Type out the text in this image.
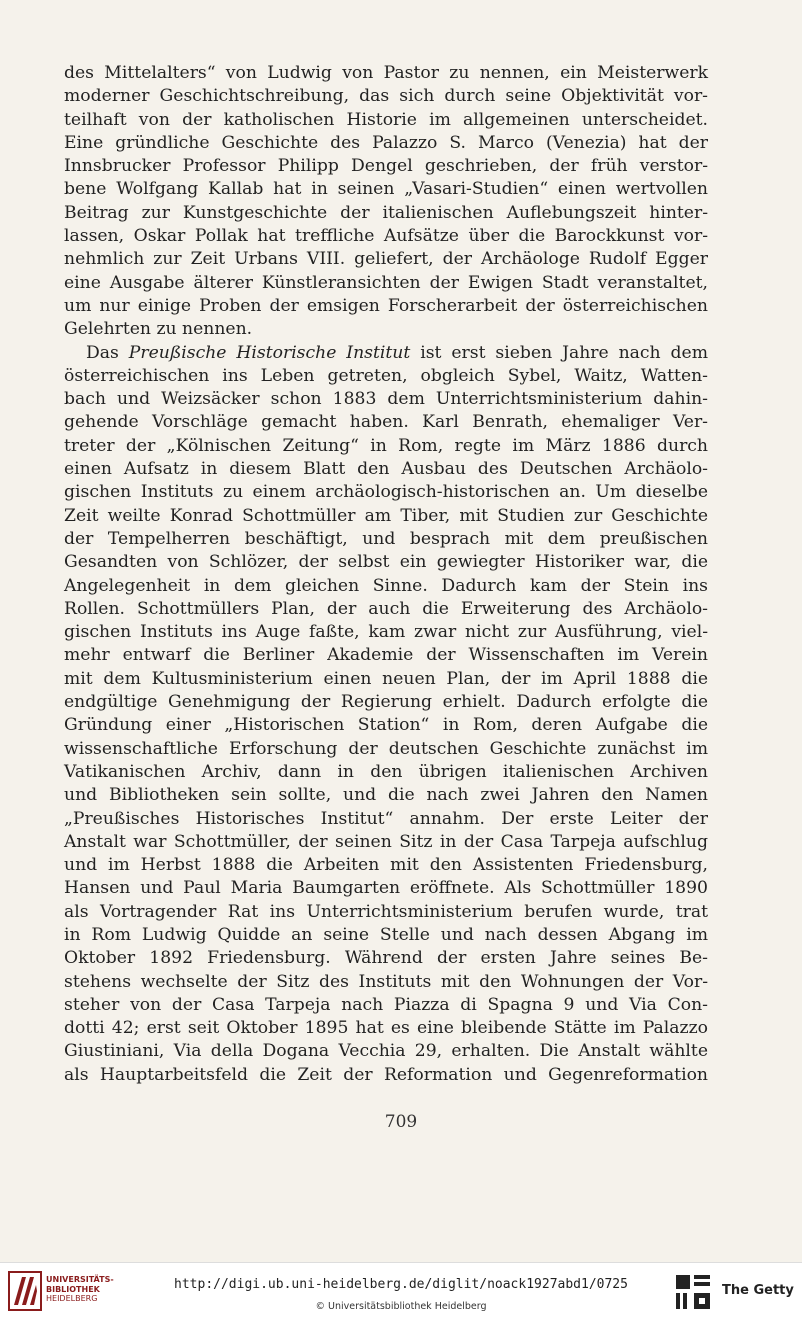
des Mittelalters“ von Ludwig von Pastor zu nennen, ein Meisterwerk
moderner Geschichtschreibung, das sich durch seine Objektivität vor-
teilhaft von der katholischen Historie im allgemeinen unterscheidet.
Eine gründliche Geschichte des Palazzo S. Marco (Venezia) hat der
Innsbrucker Professor Philipp Dengel geschrieben, der früh verstor-
bene Wolfgang Kallab hat in seinen „Vasari-Studien“ einen wertvollen
Beitrag zur Kunstgeschichte der italienischen Auflebungszeit hinter-
lassen, Oskar Pollak hat treffliche Aufsätze über die Barockkunst vor-
nehmlich zur Zeit Urbans VIII. geliefert, der Archäologe Rudolf Egger
eine Ausgabe älterer Künstleransichten der Ewigen Stadt veranstaltet,
um nur einige Proben der emsigen Forscherarbeit der österreichischen
Gelehrten zu nennen.
Das Preußische Historische Institut ist erst sieben Jahre nach dem
österreichischen ins Leben getreten, obgleich Sybel, Waitz, Watten-
bach und Weizsäcker schon 1883 dem Unterrichtsministerium dahin-
gehende Vorschläge gemacht haben. Karl Benrath, ehemaliger Ver-
treter der „Kölnischen Zeitung“ in Rom, regte im März 1886 durch
einen Aufsatz in diesem Blatt den Ausbau des Deutschen Archäolo-
gischen Instituts zu einem archäologisch-historischen an. Um dieselbe
Zeit weilte Konrad Schottmüller am Tiber, mit Studien zur Geschichte
der Tempelherren beschäftigt, und besprach mit dem preußischen
Gesandten von Schlözer, der selbst ein gewiegter Historiker war, die
Angelegenheit in dem gleichen Sinne. Dadurch kam der Stein ins
Rollen. Schottmüllers Plan, der auch die Erweiterung des Archäolo-
gischen Instituts ins Auge faßte, kam zwar nicht zur Ausführung, viel-
mehr entwarf die Berliner Akademie der Wissenschaften im Verein
mit dem Kultusministerium einen neuen Plan, der im April 1888 die
endgültige Genehmigung der Regierung erhielt. Dadurch erfolgte die
Gründung einer „Historischen Station“ in Rom, deren Aufgabe die
wissenschaftliche Erforschung der deutschen Geschichte zunächst im
Vatikanischen Archiv, dann in den übrigen italienischen Archiven
und Bibliotheken sein sollte, und die nach zwei Jahren den Namen
„Preußisches Historisches Institut“ annahm. Der erste Leiter der
Anstalt war Schottmüller, der seinen Sitz in der Casa Tarpeja aufschlug
und im Herbst 1888 die Arbeiten mit den Assistenten Friedensburg,
Hansen und Paul Maria Baumgarten eröffnete. Als Schottmüller 1890
als Vortragender Rat ins Unterrichtsministerium berufen wurde, trat
in Rom Ludwig Quidde an seine Stelle und nach dessen Abgang im
Oktober 1892 Friedensburg. Während der ersten Jahre seines Be-
stehens wechselte der Sitz des Instituts mit den Wohnungen der Vor-
steher von der Casa Tarpeja nach Piazza di Spagna 9 und Via Con-
dotti 42; erst seit Oktober 1895 hat es eine bleibende Stätte im Palazzo
Giustiniani, Via della Dogana Vecchia 29, erhalten. Die Anstalt wählte
als Hauptarbeitsfeld die Zeit der Reformation und Gegenreformation
709
UNIVERSITÄTS-
BIBLIOTHEK
HEIDELBERG
http://digi.ub.uni-heidelberg.de/diglit/noack1927abd1/0725
© Universitätsbibliothek Heidelberg
The Getty
